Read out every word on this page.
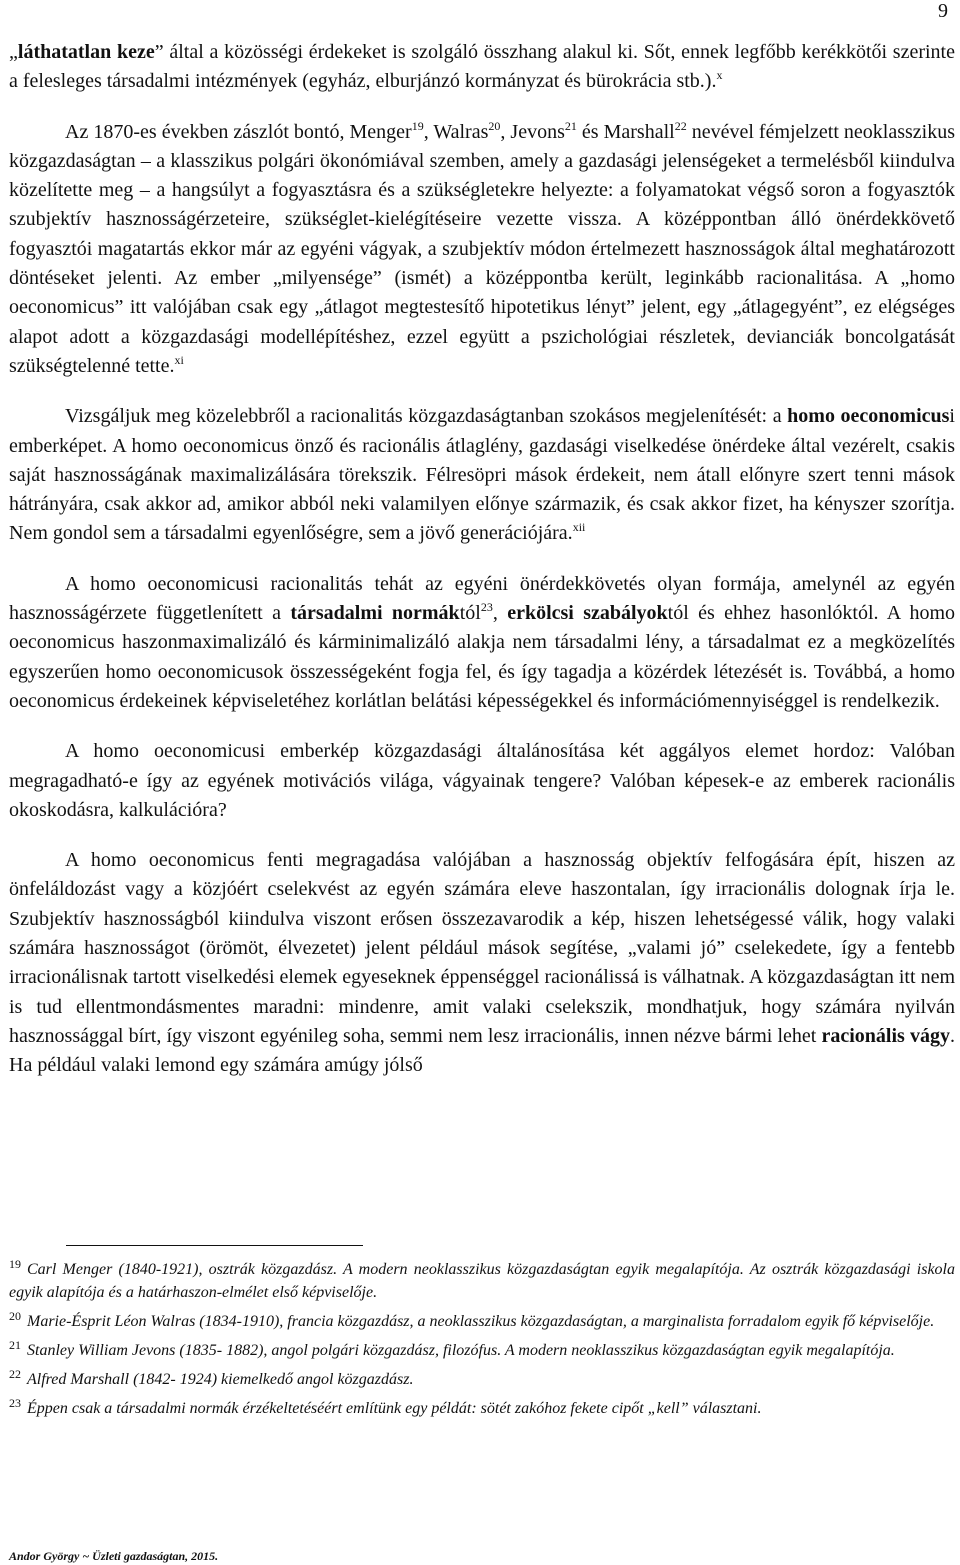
9

„láthatatlan keze” által a közösségi érdekeket is szolgáló összhang alakul ki. Sőt, ennek legfőbb kerékkötői szerinte a felesleges társadalmi intézmények (egyház, elburjánzó kormányzat és bürokrácia stb.).$^x$

Az 1870-es években zászlót bontó, Menger$^{19}$, Walras$^{20}$, Jevons$^{21}$ és Marshall$^{22}$ nevével fémjelzett neoklasszikus közgazdaságtan – a klasszikus polgári ökonómiával szemben, amely a gazdasági jelenségeket a termelésből kiindulva közelítette meg – a hangsúlyt a fogyasztásra és a szükségletekre helyezte: a folyamatokat végső soron a fogyasztók szubjektív hasznosságérzeteire, szükséglet-kielégítéseire vezette vissza. A középpontban álló önérdekkövető fogyasztói magatartás ekkor már az egyéni vágyak, a szubjektív módon értelmezett hasznosságok által meghatározott döntéseket jelenti. Az ember „milyensége” (ismét) a középpontba került, leginkább racionalitása. A „homo oeconomicus” itt valójában csak egy „átlagot megtestesítő hipotetikus lényt” jelent, egy „átlagegyént”, ez elégséges alapot adott a közgazdasági modellépítéshez, ezzel együtt a pszichológiai részletek, devianciák boncolgatását szükségtelenné tette.$^{xi}$

Vizsgáljuk meg közelebbről a racionalitás közgazdaságtanban szokásos megjelenítését: a homo oeconomicusi emberképet. A homo oeconomicus önző és racionális átlaglény, gazdasági viselkedése önérdeke által vezérelt, csakis saját hasznosságának maximalizálására törekszik. Félresöpri mások érdekeit, nem átall előnyre szert tenni mások hátrányára, csak akkor ad, amikor abból neki valamilyen előnye származik, és csak akkor fizet, ha kényszer szorítja. Nem gondol sem a társadalmi egyenlőségre, sem a jövő generációjára.$^{xii}$

A homo oeconomicusi racionalitás tehát az egyéni önérdekkövetés olyan formája, amelynél az egyén hasznosságérzete függetlenített a társadalmi normáktól$^{23}$, erkölcsi szabályoktól és ehhez hasonlóktól. A homo oeconomicus haszonmaximalizáló és kárminimalizáló alakja nem társadalmi lény, a társadalmat ez a megközelítés egyszerűen homo oeconomicusok összességeként fogja fel, és így tagadja a közérdek létezését is. Továbbá, a homo oeconomicus érdekeinek képviseletéhez korlátlan belátási képességekkel és információmennyiséggel is rendelkezik.

A homo oeconomicusi emberkép közgazdasági általánosítása két aggályos elemet hordoz: Valóban megragadható-e így az egyének motivációs világa, vágyainak tengere? Valóban képesek-e az emberek racionális okoskodásra, kalkulációra?

A homo oeconomicus fenti megragadása valójában a hasznosság objektív felfogására épít, hiszen az önfeláldozást vagy a közjóért cselekvést az egyén számára eleve haszontalan, így irracionális dolognak írja le. Szubjektív hasznosságból kiindulva viszont erősen összezavarodik a kép, hiszen lehetségessé válik, hogy valaki számára hasznosságot (örömöt, élvezetet) jelent például mások segítése, „valami jó” cselekedete, így a fentebb irracionálisnak tartott viselkedési elemek egyeseknek éppenséggel racionálissá is válhatnak. A közgazdaságtan itt nem is tud ellentmondásmentes maradni: mindenre, amit valaki cselekszik, mondhatjuk, hogy számára nyilván hasznossággal bírt, így viszont egyénileg soha, semmi nem lesz irracionális, innen nézve bármi lehet racionális vágy. Ha például valaki lemond egy számára amúgy jólső

$^{19}$ Carl Menger (1840-1921), osztrák közgazdász. A modern neoklasszikus közgazdaságtan egyik megalapítója. Az osztrák közgazdasági iskola egyik alapítója és a határhaszon-elmélet első képviselője.

$^{20}$ Marie-Ésprit Léon Walras (1834-1910), francia közgazdász, a neoklasszikus közgazdaságtan, a marginalista forradalom egyik fő képviselője.

$^{21}$ Stanley William Jevons (1835- 1882), angol polgári közgazdász, filozófus. A modern neoklasszikus közgazdaságtan egyik megalapítója.

$^{22}$ Alfred Marshall (1842- 1924) kiemelkedő angol közgazdász.

$^{23}$ Éppen csak a társadalmi normák érzékeltetéséért említünk egy példát: sötét zakóhoz fekete cipőt „kell” választani.

Andor György ~ Üzleti gazdaságtan, 2015.
